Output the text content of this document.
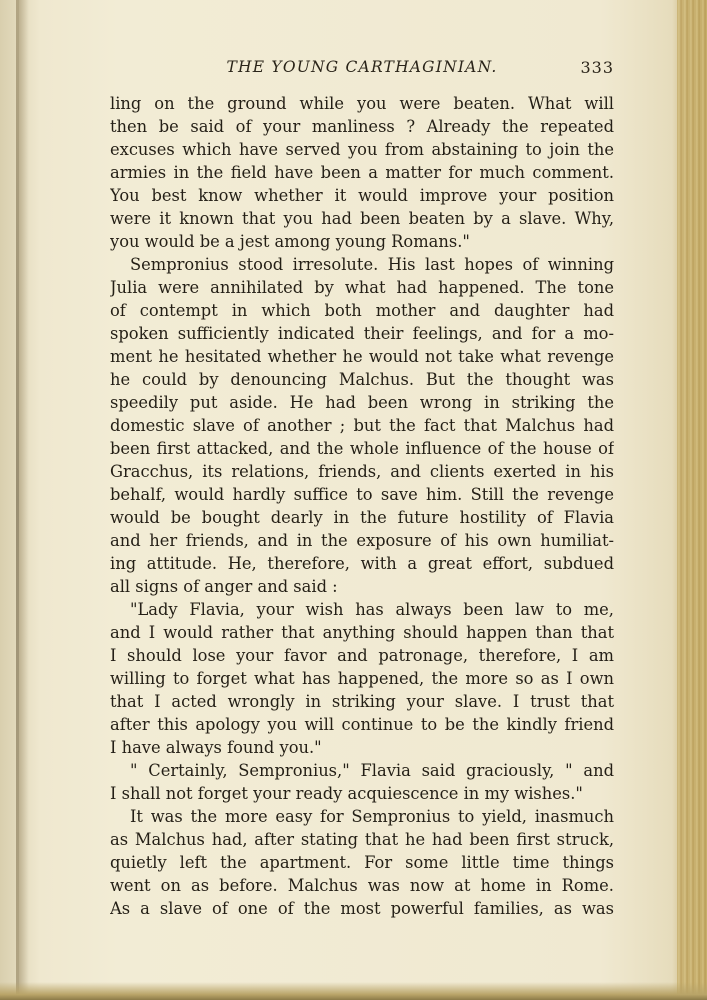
THE YOUNG CARTHAGINIAN.	333
ling on the ground while you were beaten. What will
then be said of your manliness ? Already the repeated
excuses which have served you from abstaining to join the
armies in the field have been a matter for much comment.
You best know whether it would improve your position
were it known that you had been beaten by a slave. Why,
you would be a jest among young Romans."
Sempronius stood irresolute. His last hopes of winning
Julia were annihilated by what had happened. The tone
of contempt in which both mother and daughter had
spoken sufficiently indicated their feelings, and for a mo-
ment he hesitated whether he would not take what revenge
he could by denouncing Malchus. But the thought was
speedily put aside. He had been wrong in striking the
domestic slave of another ; but the fact that Malchus had
been first attacked, and the whole influence of the house of
Gracchus, its relations, friends, and clients exerted in his
behalf, would hardly suffice to save him. Still the revenge
would be bought dearly in the future hostility of Flavia
and her friends, and in the exposure of his own humiliat-
ing attitude. He, therefore, with a great effort, subdued
all signs of anger and said :
"Lady Flavia, your wish has always been law to me,
and I would rather that anything should happen than that
I should lose your favor and patronage, therefore, I am
willing to forget what has happened, the more so as I own
that I acted wrongly in striking your slave. I trust that
after this apology you will continue to be the kindly friend
I have always found you."
" Certainly, Sempronius," Flavia said graciously, " and
I shall not forget your ready acquiescence in my wishes."
It was the more easy for Sempronius to yield, inasmuch
as Malchus had, after stating that he had been first struck,
quietly left the apartment. For some little time things
went on as before. Malchus was now at home in Rome.
As a slave of one of the most powerful families, as was
